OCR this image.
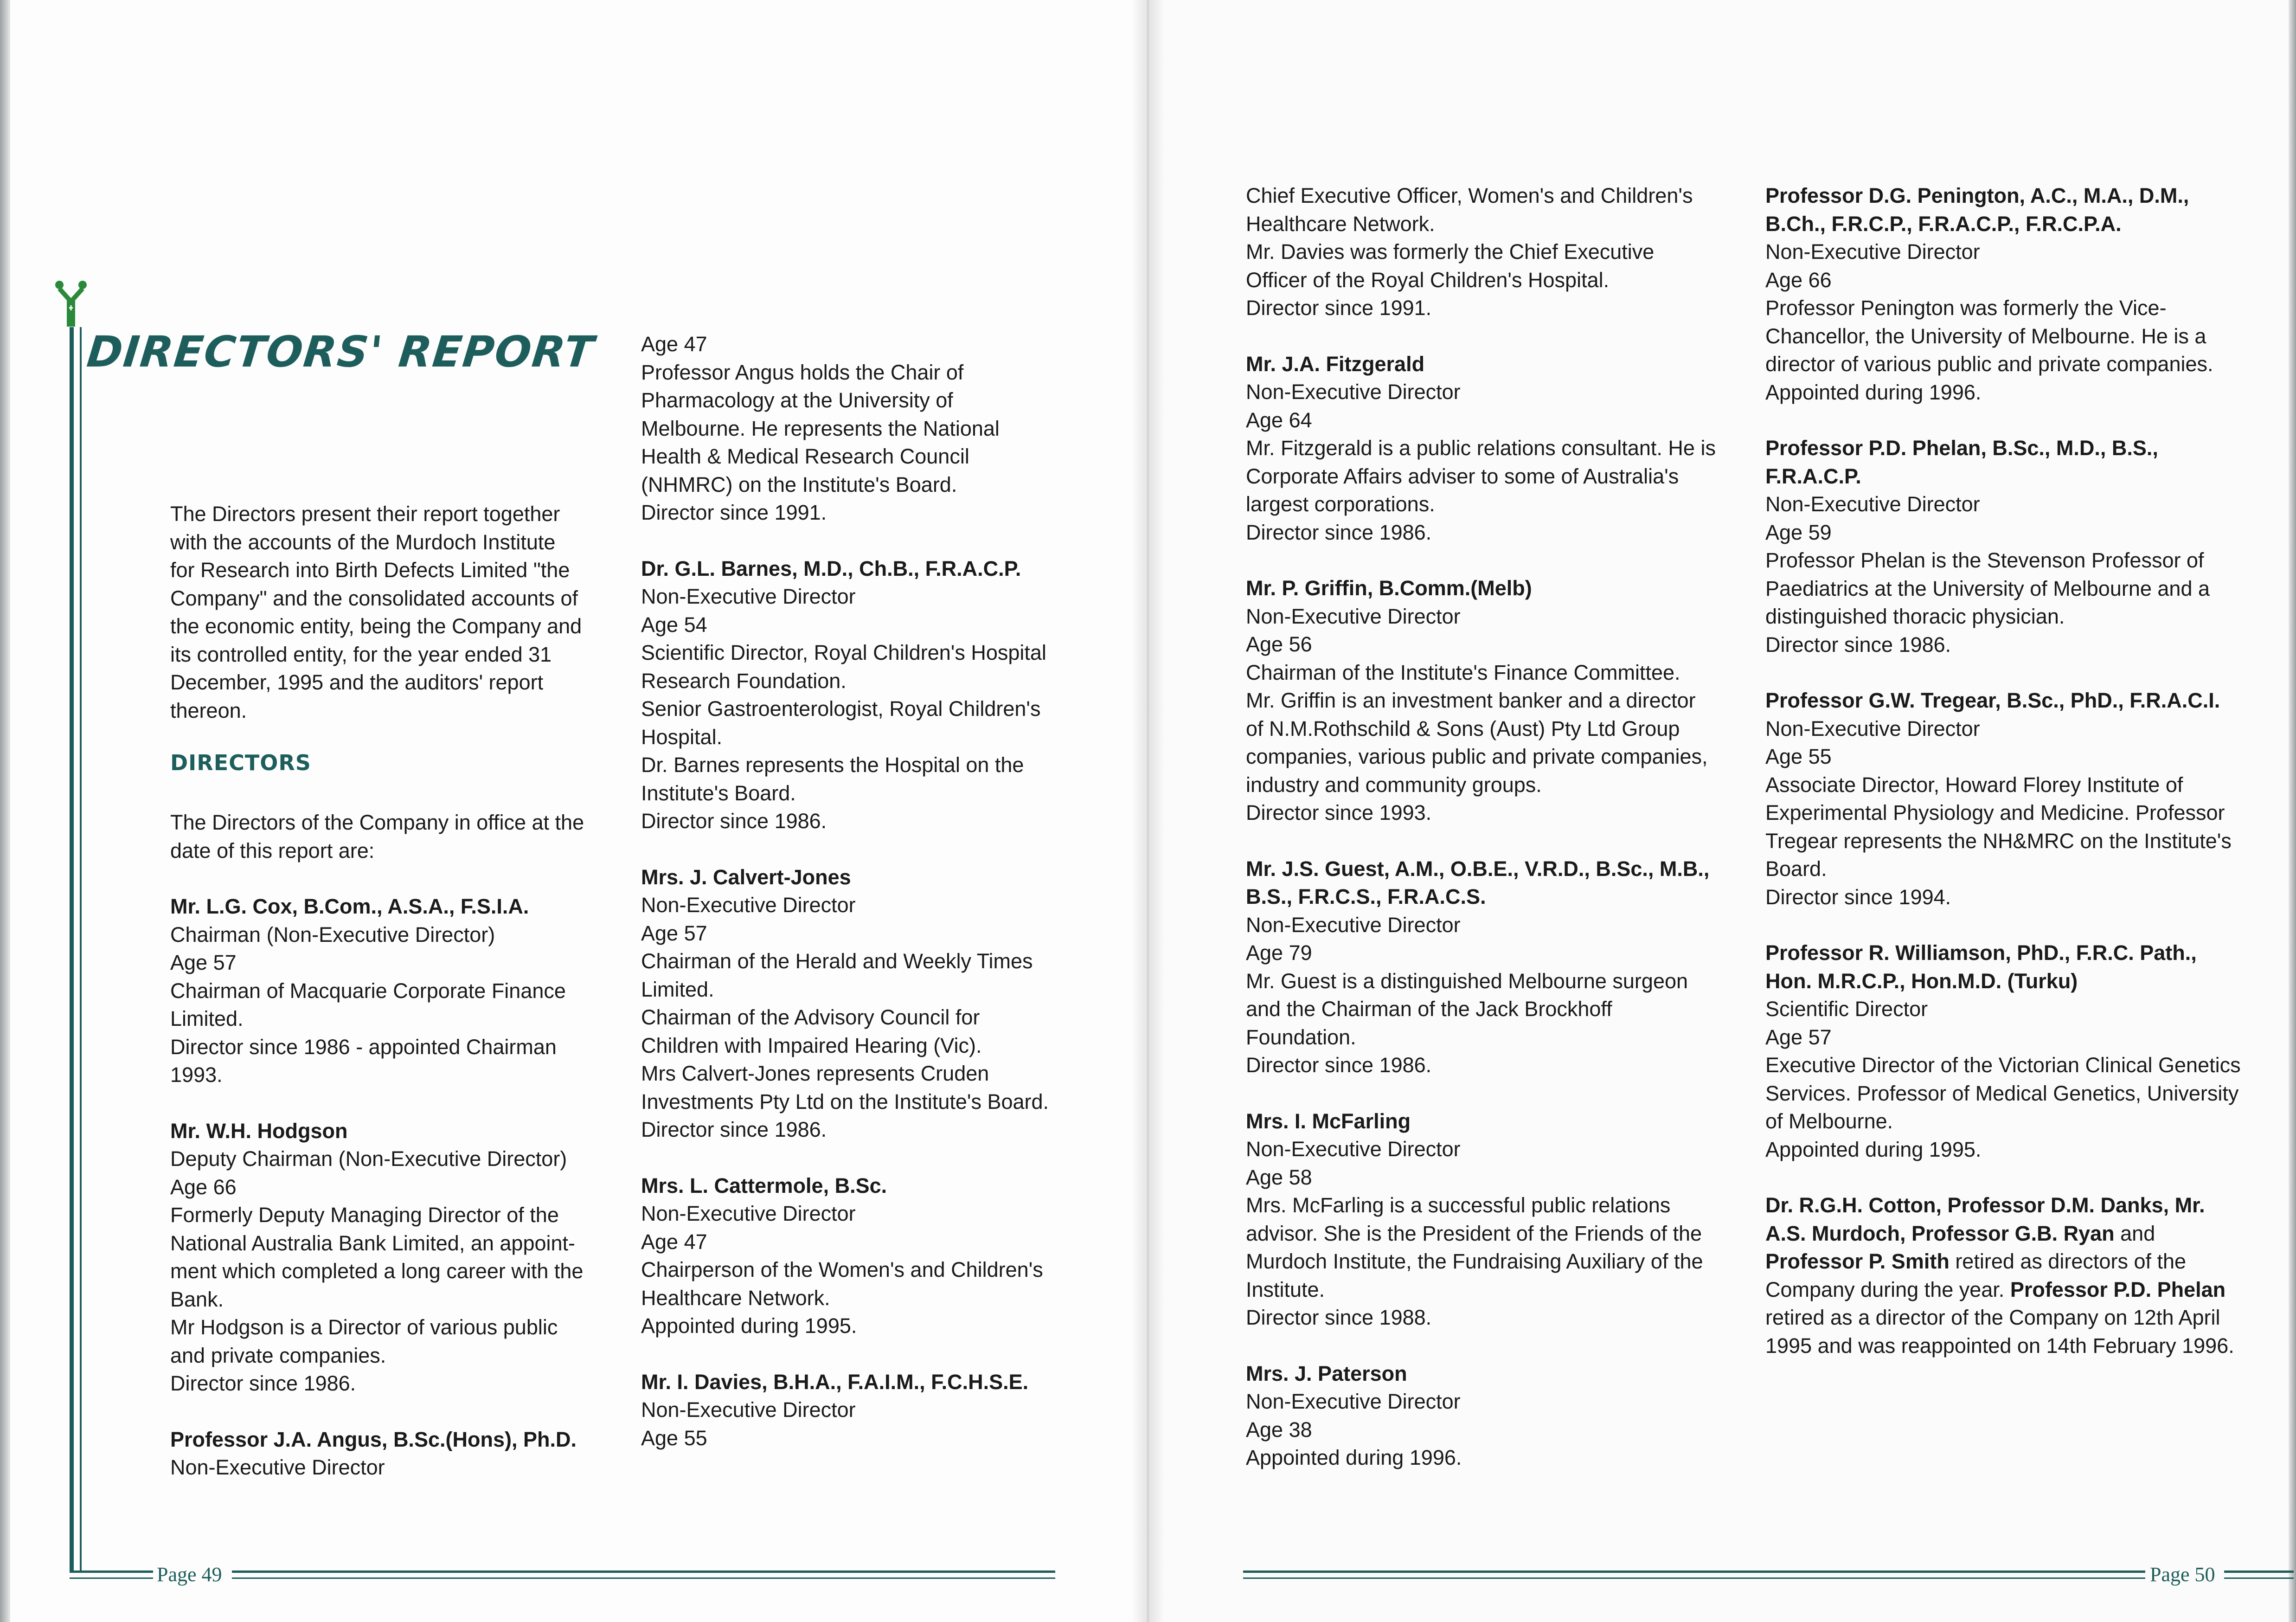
Page 49	Page 50
DIRECTORS' REPORT

The Directors present their report together with the accounts of the Murdoch Institute for Research into Birth Defects Limited "the Company" and the consolidated accounts of the economic entity, being the Company and its controlled entity, for the year ended 31 December, 1995 and the auditors' report thereon.

DIRECTORS

The Directors of the Company in office at the date of this report are:

Mr. L.G. Cox, B.Com., A.S.A., F.S.I.A.

Chairman (Non-Executive Director)

Age 57

Chairman of Macquarie Corporate Finance Limited.

Director since 1986 - appointed Chairman 1993.

Mr. W.H. Hodgson

Deputy Chairman (Non-Executive Director)

Age 66

Formerly Deputy Managing Director of the National Australia Bank Limited, an appoint-ment which completed a long career with the Bank.

Mr Hodgson is a Director of various public and private companies.

Director since 1986.

Professor J.A. Angus, B.Sc.(Hons), Ph.D.

Non-Executive Director

Age 47

Professor Angus holds the Chair of Pharmacology at the University of Melbourne. He represents the National Health & Medical Research Council (NHMRC) on the Institute's Board.

Director since 1991.

Dr. G.L. Barnes, M.D., Ch.B., F.R.A.C.P.

Non-Executive Director

Age 54

Scientific Director, Royal Children's Hospital Research Foundation.

Senior Gastroenterologist, Royal Children's Hospital.

Dr. Barnes represents the Hospital on the Institute's Board.

Director since 1986.

Mrs. J. Calvert-Jones

Non-Executive Director

Age 57

Chairman of the Herald and Weekly Times Limited.

Chairman of the Advisory Council for Children with Impaired Hearing (Vic).

Mrs Calvert-Jones represents Cruden Investments Pty Ltd on the Institute's Board.

Director since 1986.

Mrs. L. Cattermole, B.Sc.

Non-Executive Director

Age 47

Chairperson of the Women's and Children's Healthcare Network.

Appointed during 1995.

Mr. I. Davies, B.H.A., F.A.I.M., F.C.H.S.E.

Non-Executive Director

Age 55

Chief Executive Officer, Women's and Children's Healthcare Network.

Mr. Davies was formerly the Chief Executive Officer of the Royal Children's Hospital.

Director since 1991.

Mr. J.A. Fitzgerald

Non-Executive Director

Age 64

Mr. Fitzgerald is a public relations consultant. He is Corporate Affairs adviser to some of Australia's largest corporations.

Director since 1986.

Mr. P. Griffin, B.Comm.(Melb)

Non-Executive Director

Age 56

Chairman of the Institute's Finance Committee.

Mr. Griffin is an investment banker and a director of N.M.Rothschild & Sons (Aust) Pty Ltd Group companies, various public and private companies, industry and community groups.

Director since 1993.

Mr. J.S. Guest, A.M., O.B.E., V.R.D., B.Sc., M.B., B.S., F.R.C.S., F.R.A.C.S.

Non-Executive Director

Age 79

Mr. Guest is a distinguished Melbourne surgeon and the Chairman of the Jack Brockhoff Foundation.

Director since 1986.

Mrs. I. McFarling

Non-Executive Director

Age 58

Mrs. McFarling is a successful public relations advisor. She is the President of the Friends of the Murdoch Institute, the Fundraising Auxiliary of the Institute.

Director since 1988.

Mrs. J. Paterson

Non-Executive Director

Age 38

Appointed during 1996.

Professor D.G. Penington, A.C., M.A., D.M., B.Ch., F.R.C.P., F.R.A.C.P., F.R.C.P.A.

Non-Executive Director

Age 66

Professor Penington was formerly the Vice-Chancellor, the University of Melbourne. He is a director of various public and private companies.

Appointed during 1996.

Professor P.D. Phelan, B.Sc., M.D., B.S., F.R.A.C.P.

Non-Executive Director

Age 59

Professor Phelan is the Stevenson Professor of Paediatrics at the University of Melbourne and a distinguished thoracic physician.

Director since 1986.

Professor G.W. Tregear, B.Sc., PhD., F.R.A.C.I.

Non-Executive Director

Age 55

Associate Director, Howard Florey Institute of Experimental Physiology and Medicine. Professor Tregear represents the NH&MRC on the Institute's Board.

Director since 1994.

Professor R. Williamson, PhD., F.R.C. Path., Hon. M.R.C.P., Hon.M.D. (Turku)

Scientific Director

Age 57

Executive Director of the Victorian Clinical Genetics Services. Professor of Medical Genetics, University of Melbourne.

Appointed during 1995.

Dr. R.G.H. Cotton, Professor D.M. Danks, Mr. A.S. Murdoch, Professor G.B. Ryan and Professor P. Smith retired as directors of the Company during the year. Professor P.D. Phelan retired as a director of the Company on 12th April 1995 and was reappointed on 14th February 1996.
